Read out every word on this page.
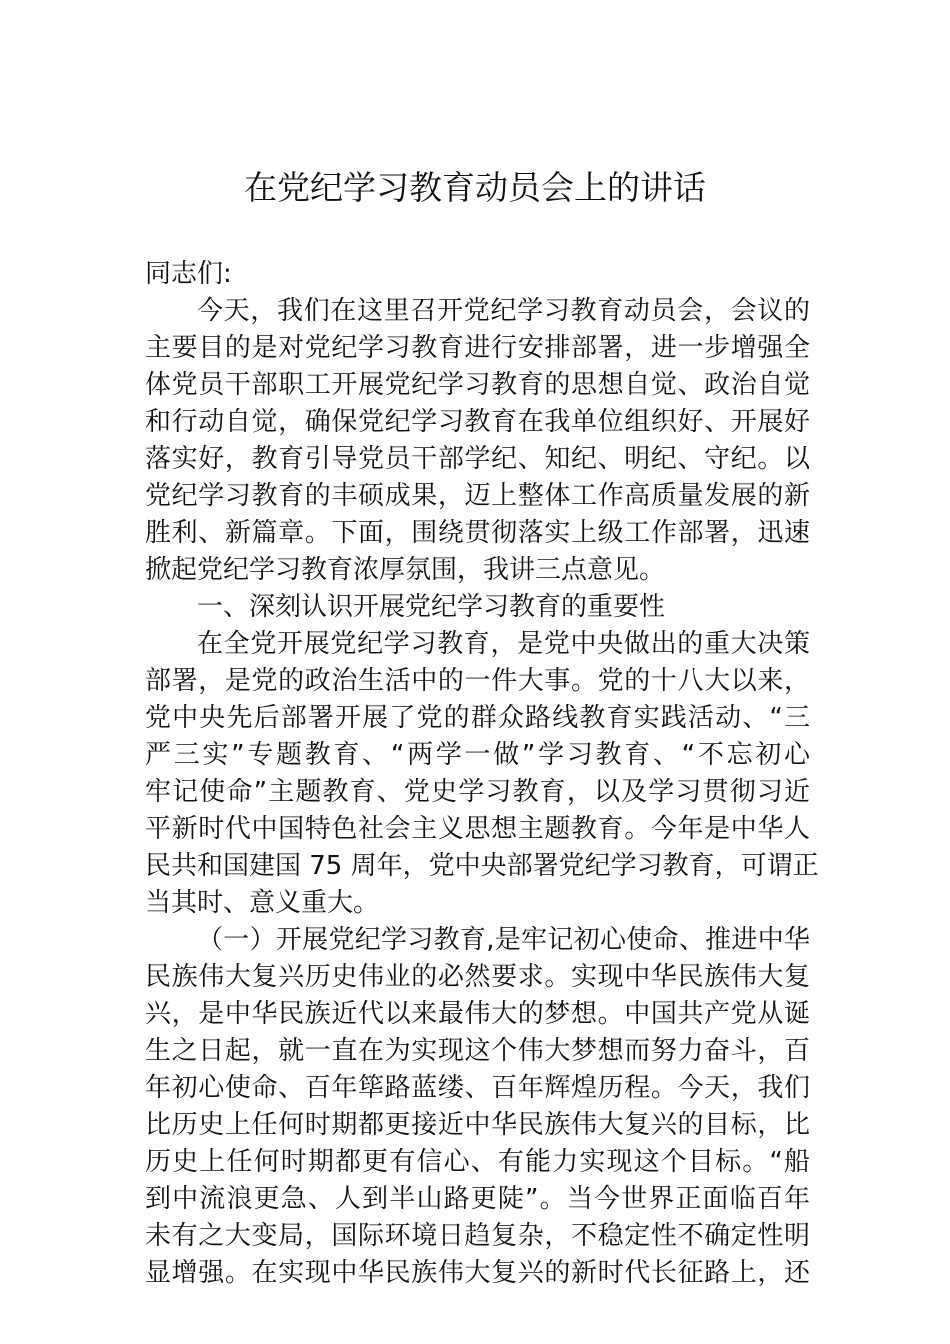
在党纪学习教育动员会上的讲话
同志们:
今天，我们在这里召开党纪学习教育动员会，会议的
主要目的是对党纪学习教育进行安排部署，进一步增强全
体党员干部职工开展党纪学习教育的思想自觉、政治自觉
和行动自觉，确保党纪学习教育在我单位组织好、开展好
落实好，教育引导党员干部学纪、知纪、明纪、守纪。以
党纪学习教育的丰硕成果，迈上整体工作高质量发展的新
胜利、新篇章。下面，围绕贯彻落实上级工作部署，迅速
掀起党纪学习教育浓厚氛围，我讲三点意见。
一、深刻认识开展党纪学习教育的重要性
在全党开展党纪学习教育，是党中央做出的重大决策
部署，是党的政治生活中的一件大事。党的十八大以来，
党中央先后部署开展了党的群众路线教育实践活动、“三
严三实”专题教育、“两学一做”学习教育、“不忘初心
牢记使命”主题教育、党史学习教育，以及学习贯彻习近
平新时代中国特色社会主义思想主题教育。今年是中华人
民共和国建国 75 周年，党中央部署党纪学习教育，可谓正
当其时、意义重大。
（一）开展党纪学习教育,是牢记初心使命、推进中华
民族伟大复兴历史伟业的必然要求。实现中华民族伟大复
兴，是中华民族近代以来最伟大的梦想。中国共产党从诞
生之日起，就一直在为实现这个伟大梦想而努力奋斗，百
年初心使命、百年筚路蓝缕、百年辉煌历程。今天，我们
比历史上任何时期都更接近中华民族伟大复兴的目标，比
历史上任何时期都更有信心、有能力实现这个目标。“船
到中流浪更急、人到半山路更陡”。当今世界正面临百年
未有之大变局，国际环境日趋复杂，不稳定性不确定性明
显增强。在实现中华民族伟大复兴的新时代长征路上，还
